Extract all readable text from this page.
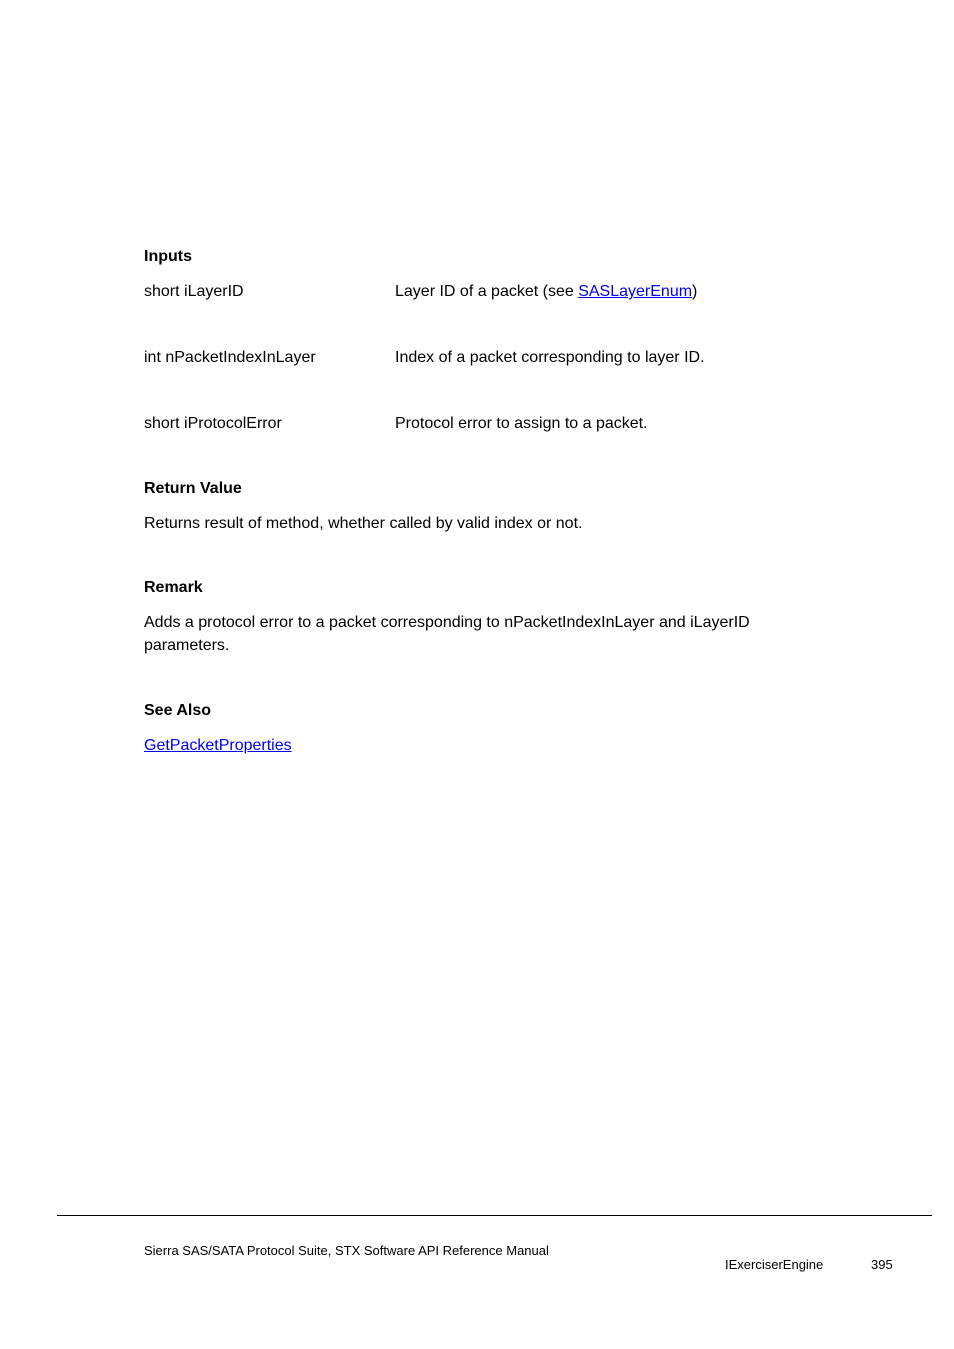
Inputs
short iLayerID	Layer ID of a packet (see SASLayerEnum)
int nPacketIndexInLayer	Index of a packet corresponding to layer ID.
short iProtocolError	Protocol error to assign to a packet.
Return Value
Returns result of method, whether called by valid index or not.
Remark
Adds a protocol error to a packet corresponding to nPacketIndexInLayer and iLayerID parameters.
See Also
GetPacketProperties
Sierra SAS/SATA Protocol Suite, STX Software API Reference Manual
IExerciserEngine	395
